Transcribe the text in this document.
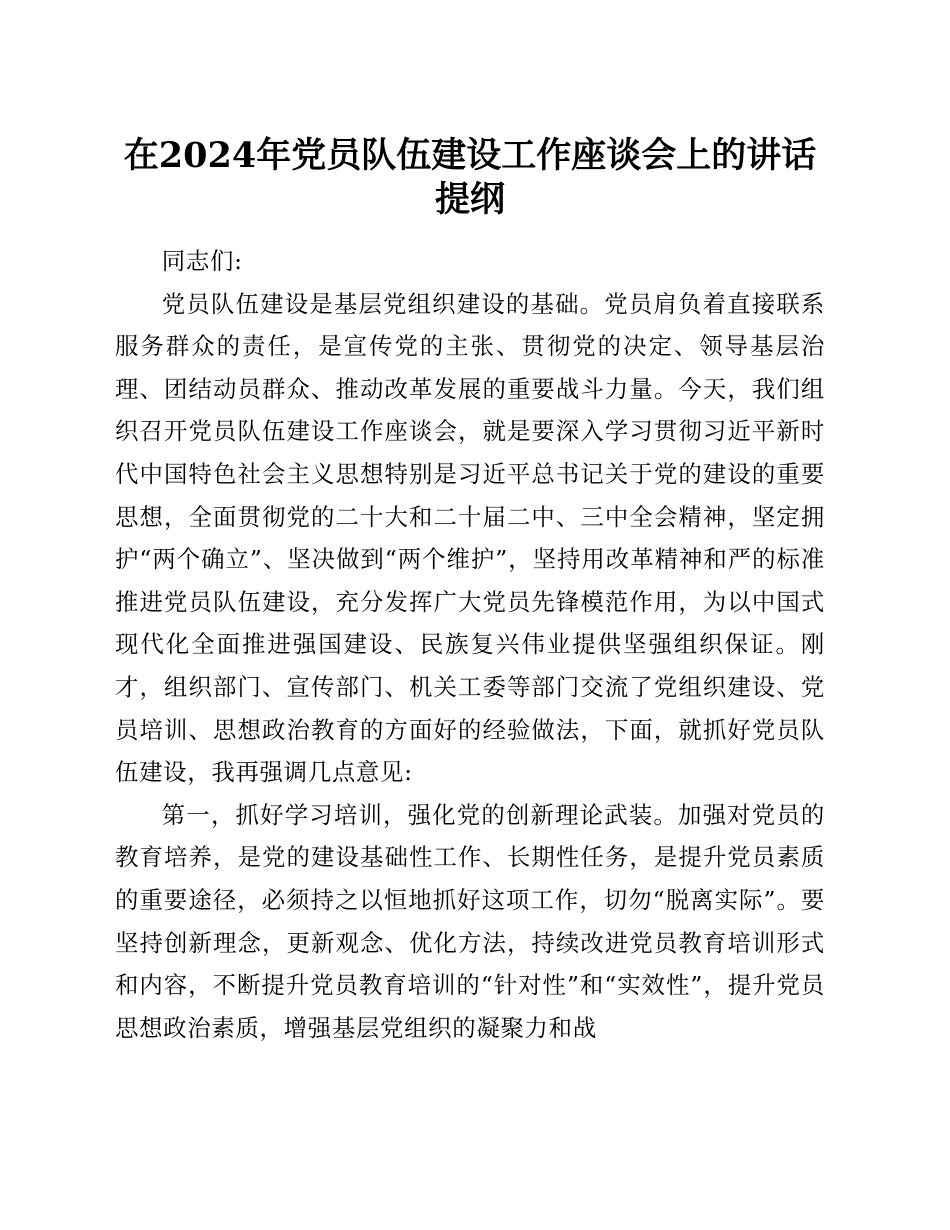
在2024年党员队伍建设工作座谈会上的讲话提纲

同志们:

党员队伍建设是基层党组织建设的基础。党员肩负着直接联系服务群众的责任，是宣传党的主张、贯彻党的决定、领导基层治理、团结动员群众、推动改革发展的重要战斗力量。今天，我们组织召开党员队伍建设工作座谈会，就是要深入学习贯彻习近平新时代中国特色社会主义思想特别是习近平总书记关于党的建设的重要思想，全面贯彻党的二十大和二十届二中、三中全会精神，坚定拥护“两个确立”、坚决做到“两个维护”，坚持用改革精神和严的标准推进党员队伍建设，充分发挥广大党员先锋模范作用，为以中国式现代化全面推进强国建设、民族复兴伟业提供坚强组织保证。刚才，组织部门、宣传部门、机关工委等部门交流了党组织建设、党员培训、思想政治教育的方面好的经验做法，下面，就抓好党员队伍建设，我再强调几点意见:

第一，抓好学习培训，强化党的创新理论武装。加强对党员的教育培养，是党的建设基础性工作、长期性任务，是提升党员素质的重要途径，必须持之以恒地抓好这项工作，切勿“脱离实际”。要坚持创新理念，更新观念、优化方法，持续改进党员教育培训形式和内容，不断提升党员教育培训的“针对性”和“实效性”，提升党员思想政治素质，增强基层党组织的凝聚力和战
